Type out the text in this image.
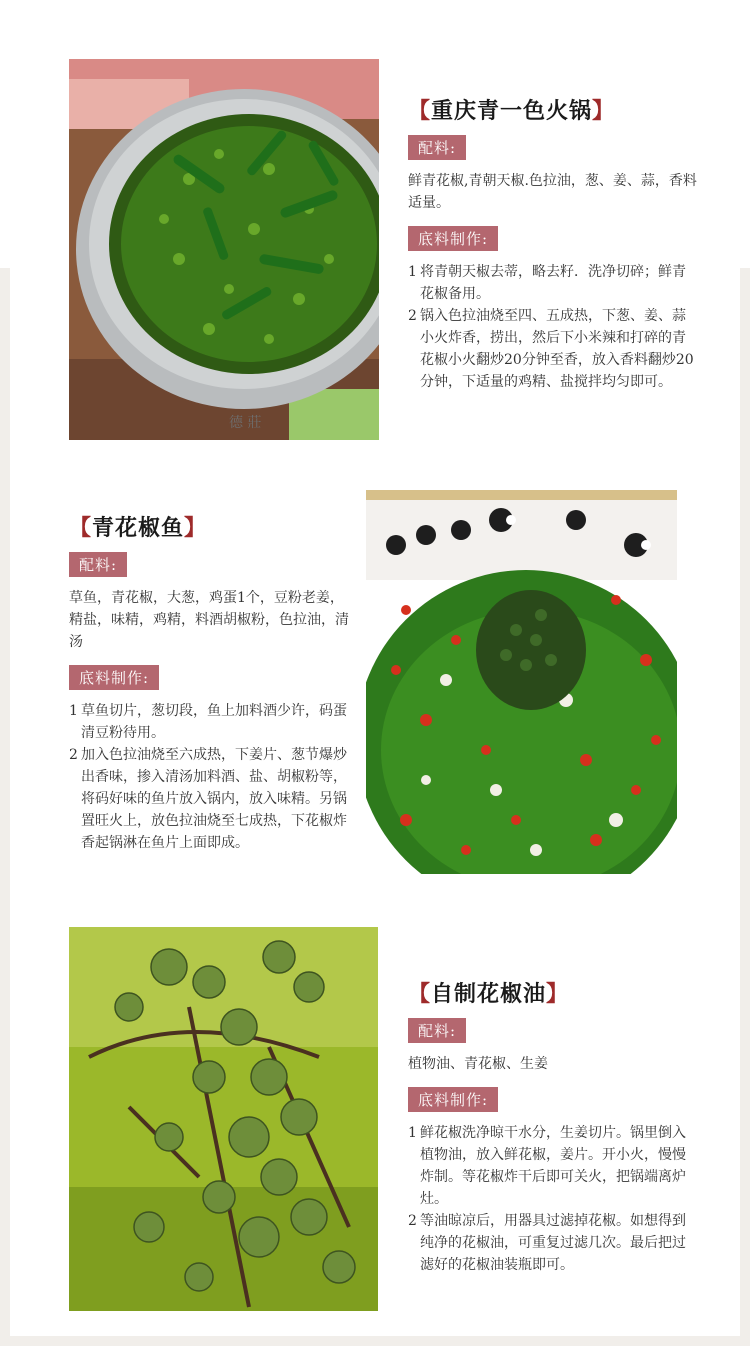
德 莊
【重庆青一色火锅】
配料:

鲜青花椒,青朝天椒.色拉油，葱、姜、蒜，香料适量。

底料制作:
1 将青朝天椒去蒂，略去籽．洗净切碎；鲜青花椒备用。
2 锅入色拉油烧至四、五成热，下葱、姜、蒜小火炸香，捞出，然后下小米辣和打碎的青花椒小火翻炒20分钟至香，放入香料翻炒20分钟，下适量的鸡精、盐搅拌均匀即可。
【青花椒鱼】
配料:

草鱼，青花椒，大葱，鸡蛋1个，豆粉老姜，精盐，味精，鸡精，料酒胡椒粉，色拉油，清汤

底料制作:
1 草鱼切片，葱切段，鱼上加料酒少许，码蛋清豆粉待用。
2 加入色拉油烧至六成热，下姜片、葱节爆炒出香味，掺入清汤加料酒、盐、胡椒粉等，将码好味的鱼片放入锅内，放入味精。另锅置旺火上，放色拉油烧至七成热，下花椒炸香起锅淋在鱼片上面即成。
【自制花椒油】
配料:

植物油、青花椒、生姜

底料制作:
1 鲜花椒洗净晾干水分，生姜切片。锅里倒入植物油，放入鲜花椒，姜片。开小火，慢慢炸制。等花椒炸干后即可关火，把锅端离炉灶。
2 等油晾凉后，用器具过滤掉花椒。如想得到纯净的花椒油，可重复过滤几次。最后把过滤好的花椒油装瓶即可。
